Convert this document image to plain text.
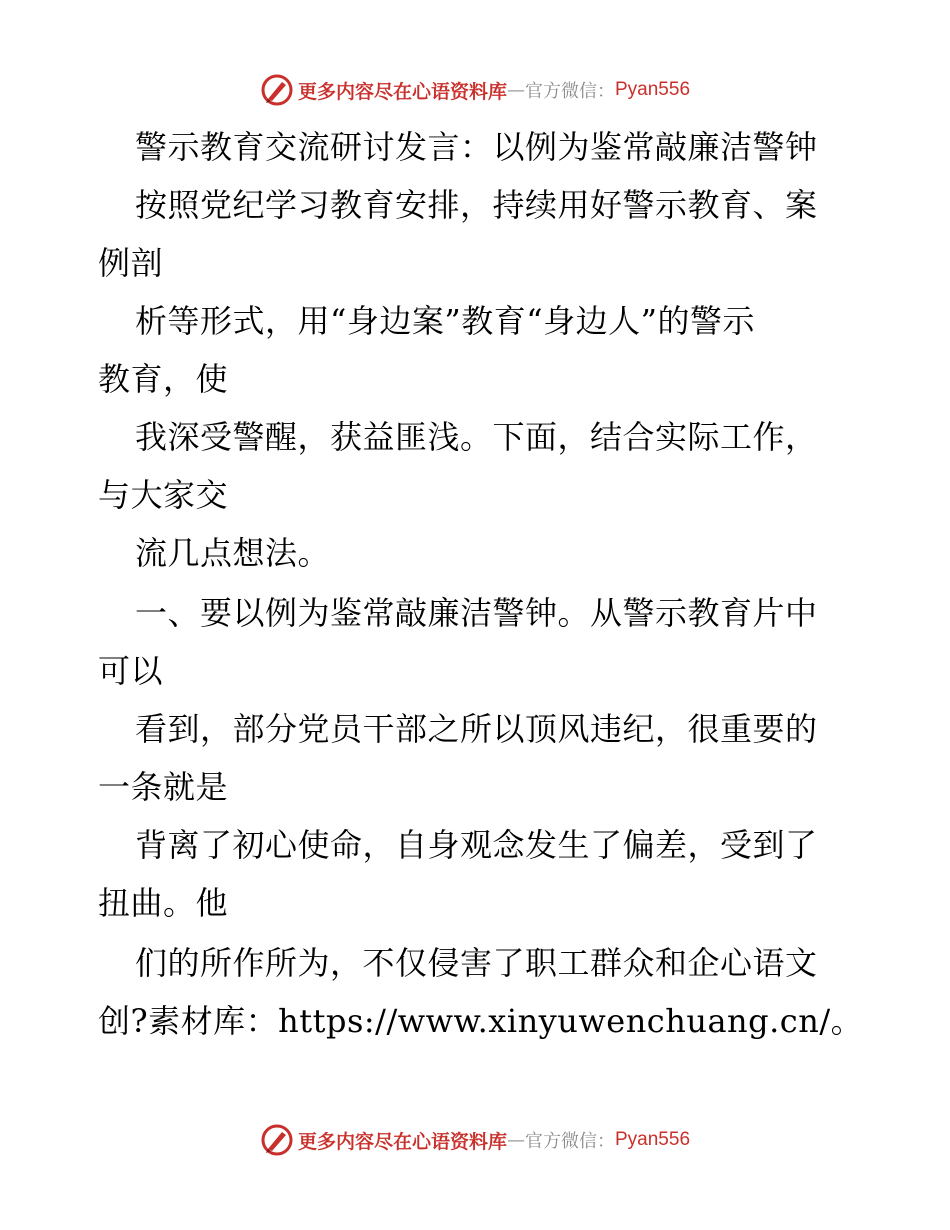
更多内容尽在心语资料库 — 官方微信： Pyan556
警示教育交流研讨发言：以例为鉴常敲廉洁警钟
按照党纪学习教育安排，持续用好警示教育、案
例剖
析等形式，用“身边案”教育“身边人”的警示
教育，使
我深受警醒，获益匪浅。下面，结合实际工作，
与大家交
流几点想法。
一、要以例为鉴常敲廉洁警钟。从警示教育片中
可以
看到，部分党员干部之所以顶风违纪，很重要的
一条就是
背离了初心使命，自身观念发生了偏差，受到了
扭曲。他
们的所作所为，不仅侵害了职工群众和企心语文
创?素材库：https://www.xinyuwenchuang.cn/。
更多内容尽在心语资料库 — 官方微信： Pyan556
